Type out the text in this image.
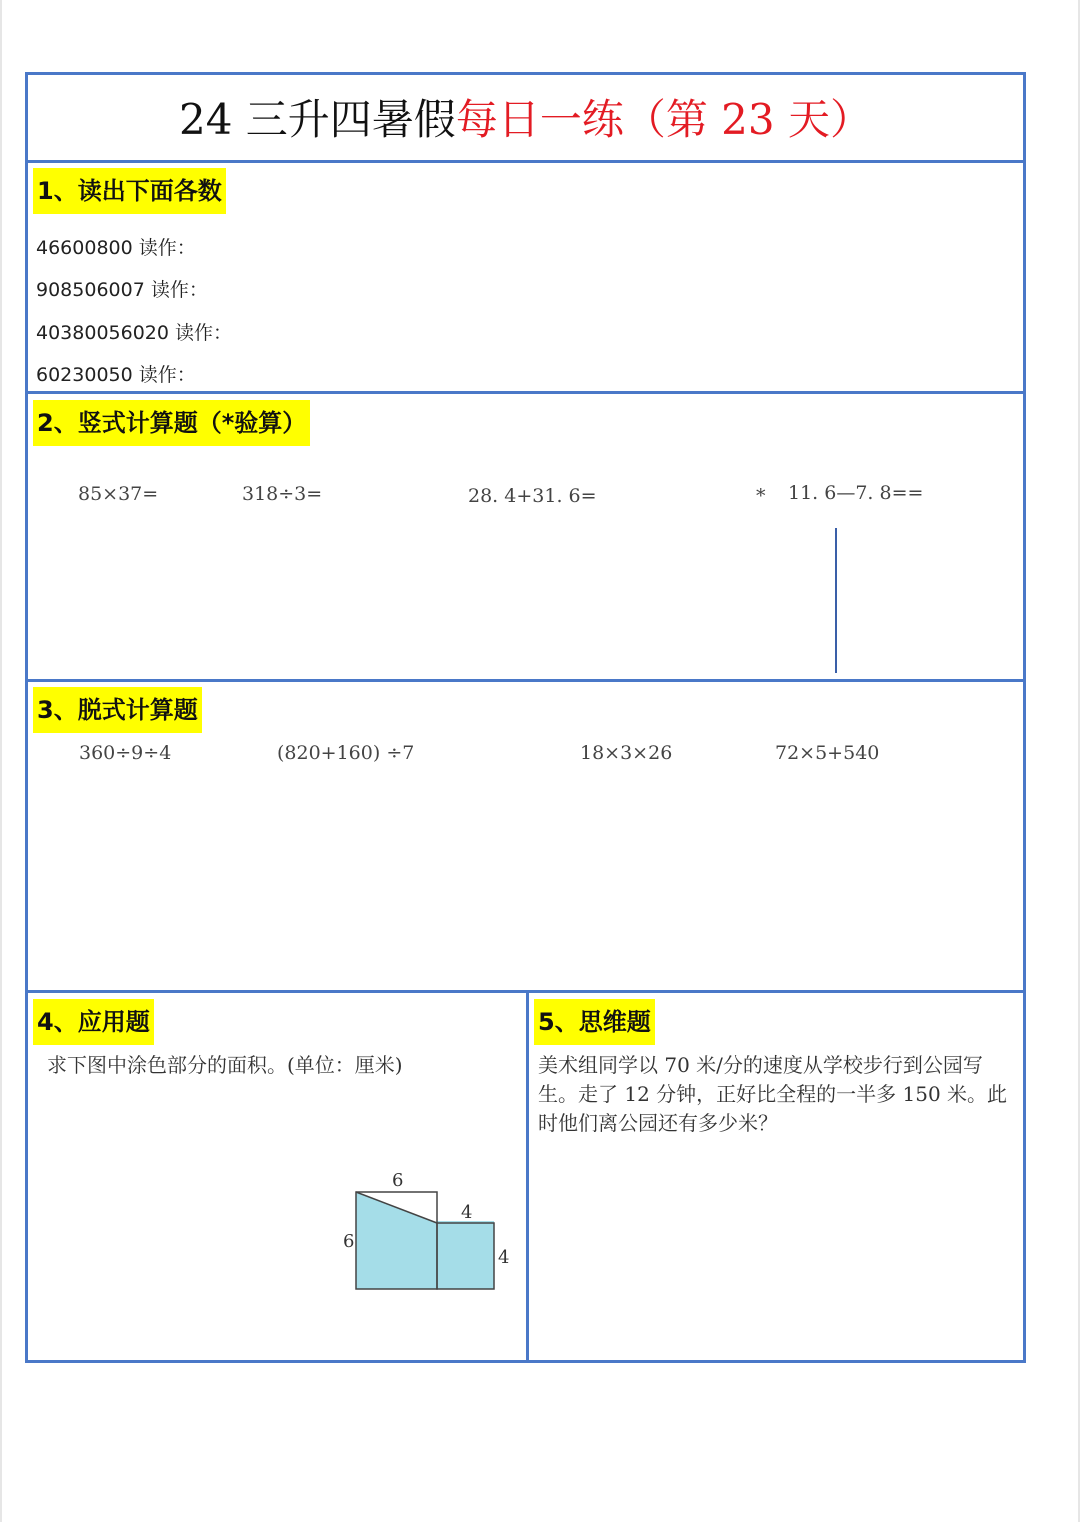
24 三升四暑假每日一练（第 23 天）
1、读出下面各数
46600800 读作：
908506007 读作：
40380056020 读作：
60230050 读作：
2、竖式计算题（*验算）
85×37=	318÷3=	28. 4+31. 6=	* 11. 6—7. 8==
3、脱式计算题
360÷9÷4	(820+160) ÷7	18×3×26	72×5+540
4、应用题
求下图中涂色部分的面积。(单位：厘米)
6
6
4
4
5、思维题
美术组同学以 70 米/分的速度从学校步行到公园写生。走了 12 分钟，正好比全程的一半多 150 米。此时他们离公园还有多少米？
